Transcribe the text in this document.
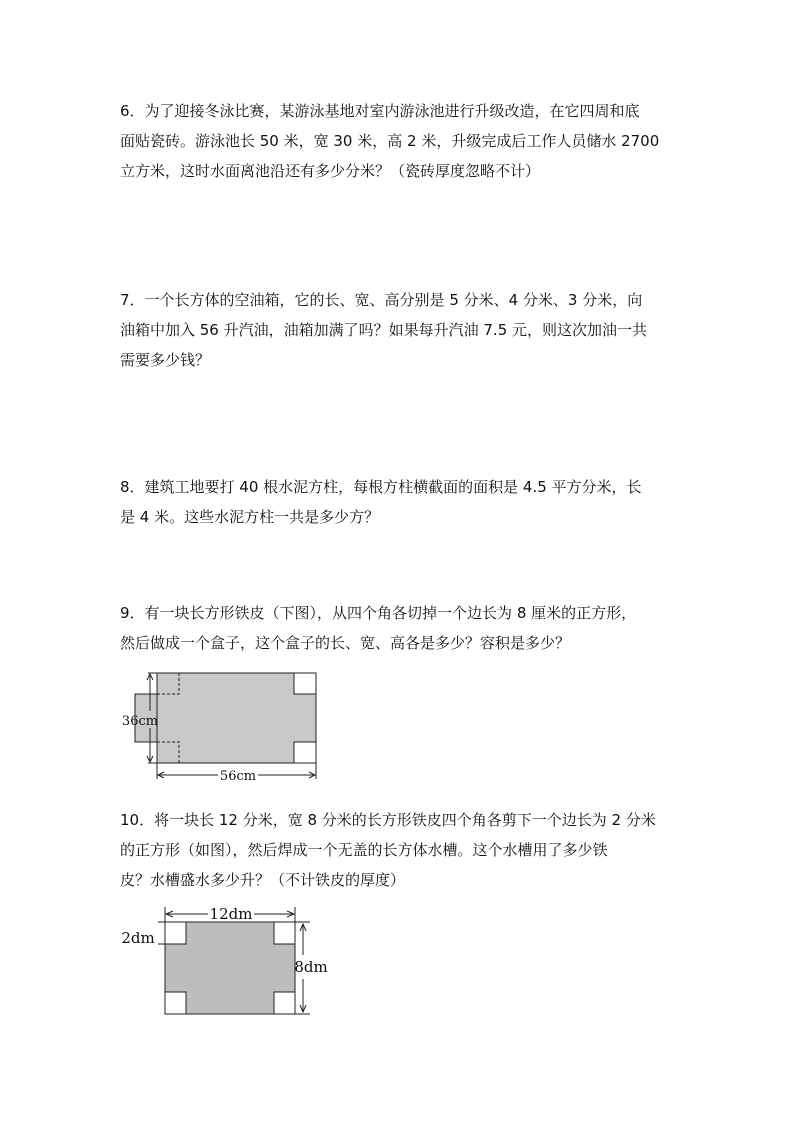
6．为了迎接冬泳比赛，某游泳基地对室内游泳池进行升级改造，在它四周和底
面贴瓷砖。游泳池长 50 米，宽 30 米，高 2 米，升级完成后工作人员储水 2700
立方米，这时水面离池沿还有多少分米？（瓷砖厚度忽略不计）
7．一个长方体的空油箱，它的长、宽、高分别是 5 分米、4 分米、3 分米，向
油箱中加入 56 升汽油，油箱加满了吗？如果每升汽油 7.5 元，则这次加油一共
需要多少钱？
8．建筑工地要打 40 根水泥方柱，每根方柱横截面的面积是 4.5 平方分米，长
是 4 米。这些水泥方柱一共是多少方？
9．有一块长方形铁皮（下图），从四个角各切掉一个边长为 8 厘米的正方形，
然后做成一个盒子，这个盒子的长、宽、高各是多少？容积是多少？
36cm
56cm
10．将一块长 12 分米，宽 8 分米的长方形铁皮四个角各剪下一个边长为 2 分米
的正方形（如图），然后焊成一个无盖的长方体水槽。这个水槽用了多少铁
皮？水槽盛水多少升？（不计铁皮的厚度）
12dm
2dm
8dm
